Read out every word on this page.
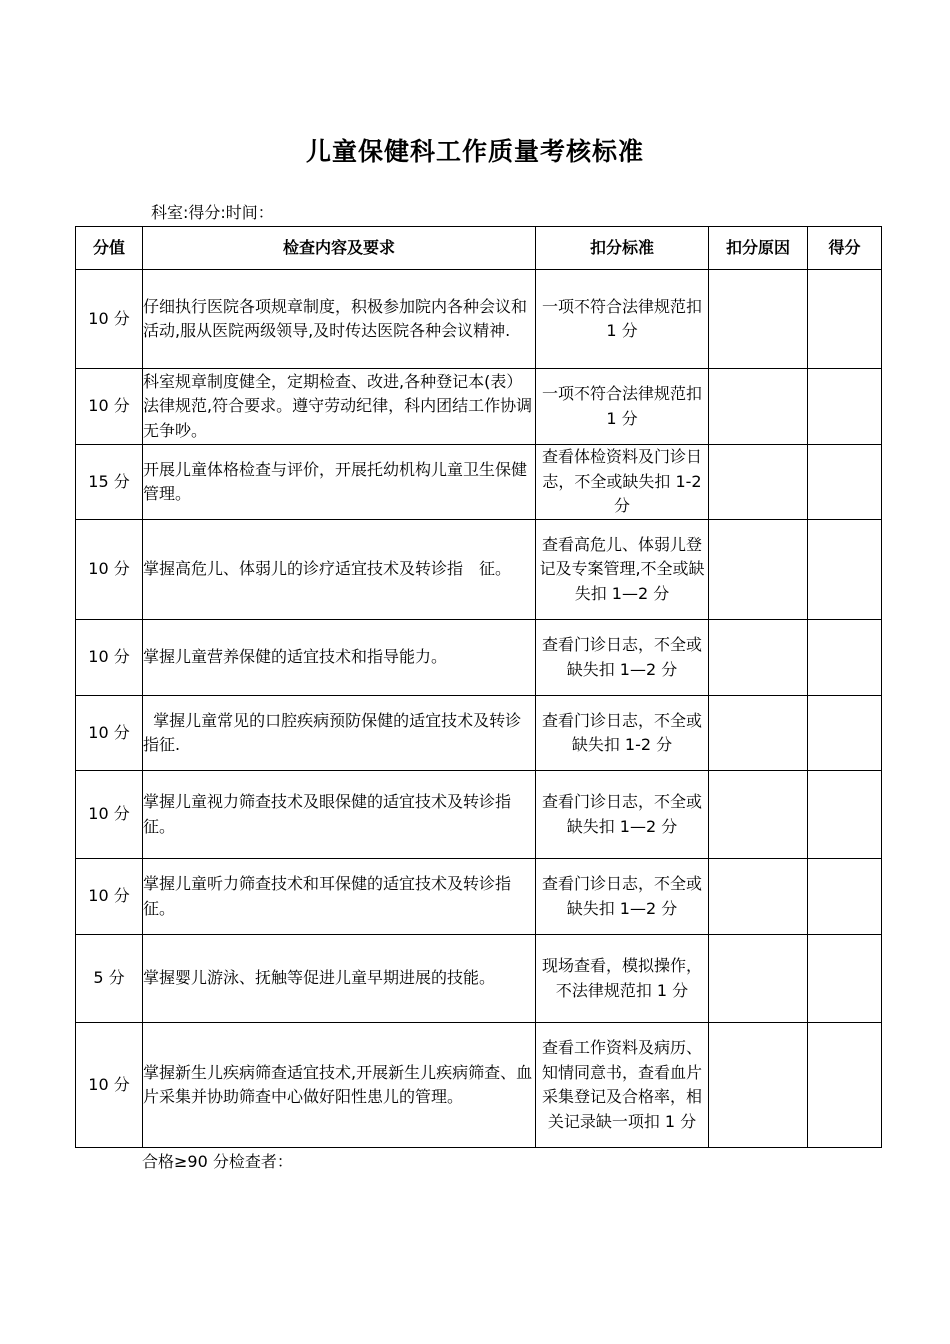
儿童保健科工作质量考核标准
科室:得分:时间：
分值	检查内容及要求	扣分标准	扣分原因	得分
10 分	仔细执行医院各项规章制度，积极参加院内各种会议和活动,服从医院两级领导,及时传达医院各种会议精神.	一项不符合法律规范扣 1 分		
10 分	科室规章制度健全，定期检查、改进,各种登记本(表）法律规范,符合要求。遵守劳动纪律，科内团结工作协调无争吵。	一项不符合法律规范扣 1 分		
15 分	开展儿童体格检查与评价，开展托幼机构儿童卫生保健管理。	查看体检资料及门诊日志，不全或缺失扣 1-2 分		
10 分	掌握高危儿、体弱儿的诊疗适宜技术及转诊指　征。	查看高危儿、体弱儿登记及专案管理,不全或缺失扣 1—2 分		
10 分	掌握儿童营养保健的适宜技术和指导能力。	查看门诊日志，不全或缺失扣 1—2 分		
10 分	掌握儿童常见的口腔疾病预防保健的适宜技术及转诊指征.	查看门诊日志，不全或缺失扣 1-2 分		
10 分	掌握儿童视力筛查技术及眼保健的适宜技术及转诊指征。	查看门诊日志，不全或缺失扣 1—2 分		
10 分	掌握儿童听力筛查技术和耳保健的适宜技术及转诊指征。	查看门诊日志，不全或缺失扣 1—2 分		
5 分	掌握婴儿游泳、抚触等促进儿童早期进展的技能。	现场查看，模拟操作，不法律规范扣 1 分		
10 分	掌握新生儿疾病筛查适宜技术,开展新生儿疾病筛查、血片采集并协助筛查中心做好阳性患儿的管理。	查看工作资料及病历、知情同意书，查看血片采集登记及合格率，相关记录缺一项扣 1 分		
合格≥90 分检查者：
